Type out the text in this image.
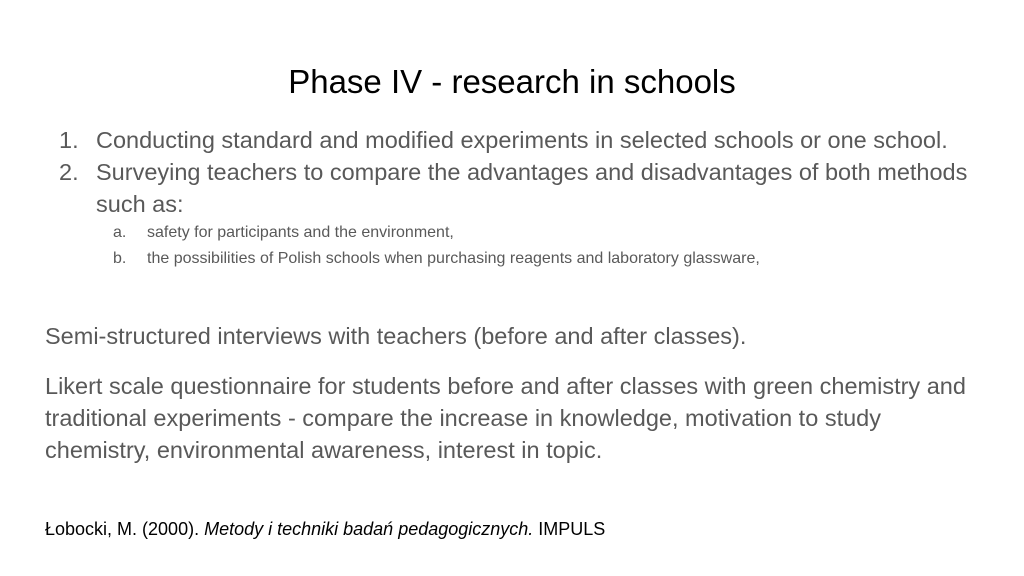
Phase IV - research in schools
1. Conducting standard and modified experiments in selected schools or one school.
2. Surveying teachers to compare the advantages and disadvantages of both methods such as:
a. safety for participants and the environment,
b. the possibilities of Polish schools when purchasing reagents and laboratory glassware,

Semi-structured interviews with teachers (before and after classes).

Likert scale questionnaire for students before and after classes with green chemistry and traditional experiments - compare the increase in knowledge, motivation to study chemistry, environmental awareness, interest in topic.

Łobocki, M. (2000). Metody i techniki badań pedagogicznych. IMPULS
